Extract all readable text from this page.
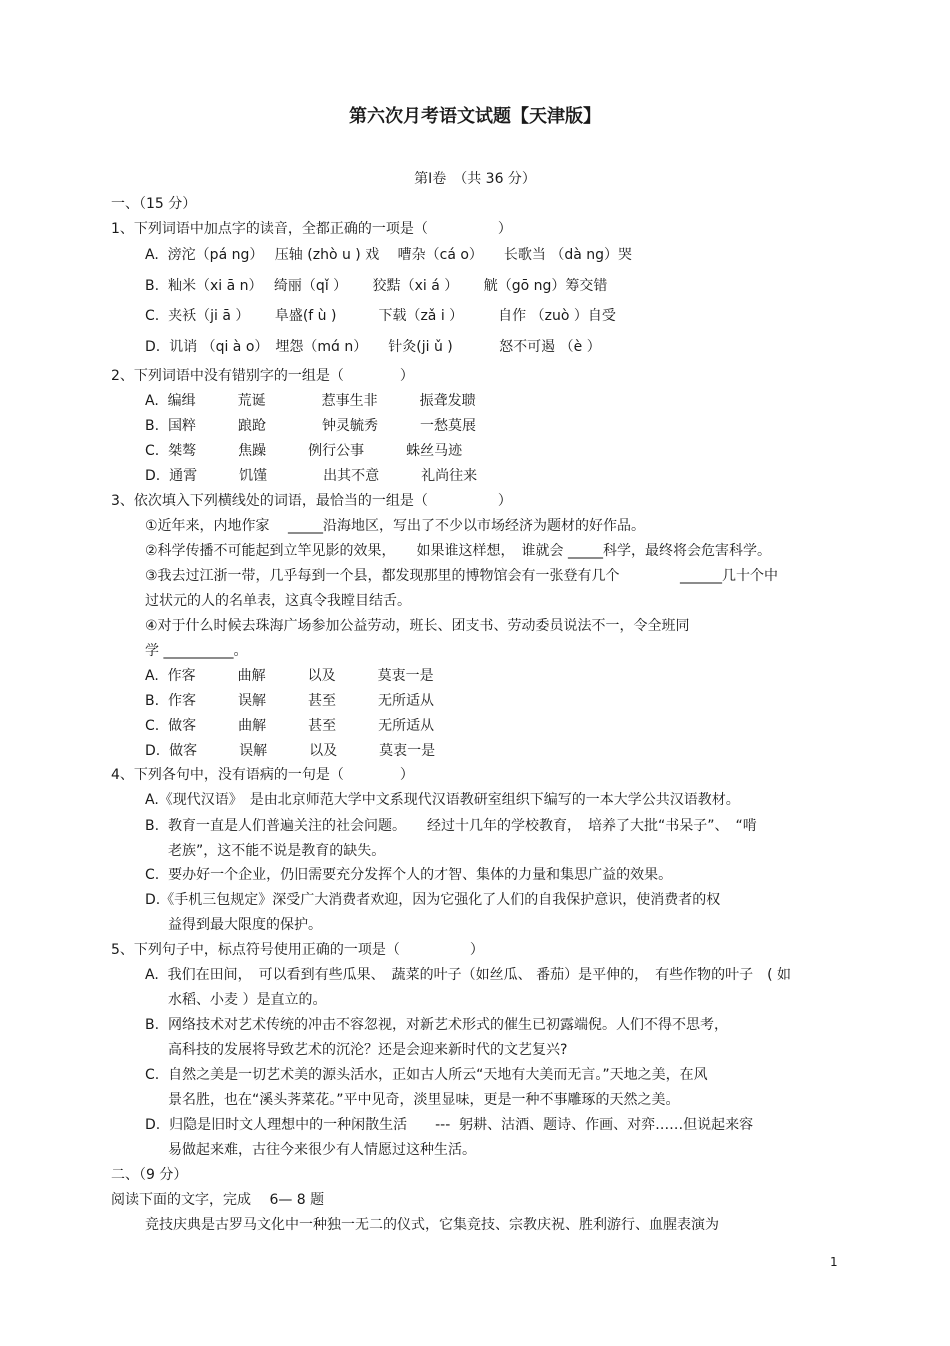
第六次月考语文试题【天津版】
第Ⅰ卷　（共 36 分）
一、（15 分）
1、下列词语中加点字的读音，全都正确的一项是（　　　　　）
A.  滂沱（pá ng）　 压轴 (zhò u ) 戏　 嘈杂（cá o）　　长歌当 （dà ng）哭
B.  籼米（xi ā n）　 绮丽（qǐ ）　　 狡黠（xi á ）　　 觥（gō ng）筹交错
C.  夹袄（ji ā ）　　 阜盛(f ù )　　　下载（zǎ i ）　　　自作 （zuò ）自受
D.  讥诮 （qi à o）　埋怨（mɑ́ n）　　针灸(ji ǔ )　　　 怒不可遏 （è ）
2、下列词语中没有错别字的一组是（　　　　）
A.  编缉　　　荒诞　　　　惹事生非　　　振聋发聩
B.  国粹　　　踉跄　　　　钟灵毓秀　　　一愁莫展
C.  桀骜　　　焦躁　　　例行公事　　　蛛丝马迹
D.  通霄　　　饥馑　　　　出其不意　　　礼尚往来
3、依次填入下列横线处的词语，最恰当的一组是（　　　　　）
①近年来，内地作家　 _____沿海地区，写出了不少以市场经济为题材的好作品。
②科学传播不可能起到立竿见影的效果，　　如果谁这样想，　谁就会 _____科学，最终将会危害科学。
③我去过江浙一带，几乎每到一个县，都发现那里的博物馆会有一张登有几个　　　　 ______几十个中
过状元的人的名单表，这真令我瞠目结舌。
④对于什么时候去珠海广场参加公益劳动，班长、团支书、劳动委员说法不一，令全班同
学 __________。
A.  作客　　　曲解　　　以及　　　莫衷一是
B.  作客　　　误解　　　甚至　　　无所适从
C.  做客　　　曲解　　　甚至　　　无所适从
D.  做客　　　误解　　　以及　　　莫衷一是
4、下列各句中，没有语病的一句是（　　　　）
A.《现代汉语》　是由北京师范大学中文系现代汉语教研室组织下编写的一本大学公共汉语教材。
B.  教育一直是人们普遍关注的社会问题。　　经过十几年的学校教育，　培养了大批“书呆子”、　“啃
老族”，这不能不说是教育的缺失。
C.  要办好一个企业，仍旧需要充分发挥个人的才智、集体的力量和集思广益的效果。
D.《手机三包规定》深受广大消费者欢迎，因为它强化了人们的自我保护意识，使消费者的权
益得到最大限度的保护。
5、下列句子中，标点符号使用正确的一项是（　　　　　）
A.  我们在田间，　可以看到有些瓜果、　蔬菜的叶子（如丝瓜、 番茄）是平伸的，　有些作物的叶子　( 如
水稻、小麦 ）是直立的。
B.  网络技术对艺术传统的冲击不容忽视，对新艺术形式的催生已初露端倪。人们不得不思考，
高科技的发展将导致艺术的沉沦？还是会迎来新时代的文艺复兴?
C.  自然之美是一切艺术美的源头活水，正如古人所云“天地有大美而无言。”天地之美，在风
景名胜，也在“溪头荠菜花。”平中见奇，淡里显味，更是一种不事雕琢的天然之美。
D.  归隐是旧时文人理想中的一种闲散生活　　---  躬耕、沽酒、题诗、作画、对弈……但说起来容
易做起来难，古往今来很少有人情愿过这种生活。
二、（9 分）
阅读下面的文字，完成　 6— 8 题
竞技庆典是古罗马文化中一种独一无二的仪式，它集竞技、宗教庆祝、胜利游行、血腥表演为
1
